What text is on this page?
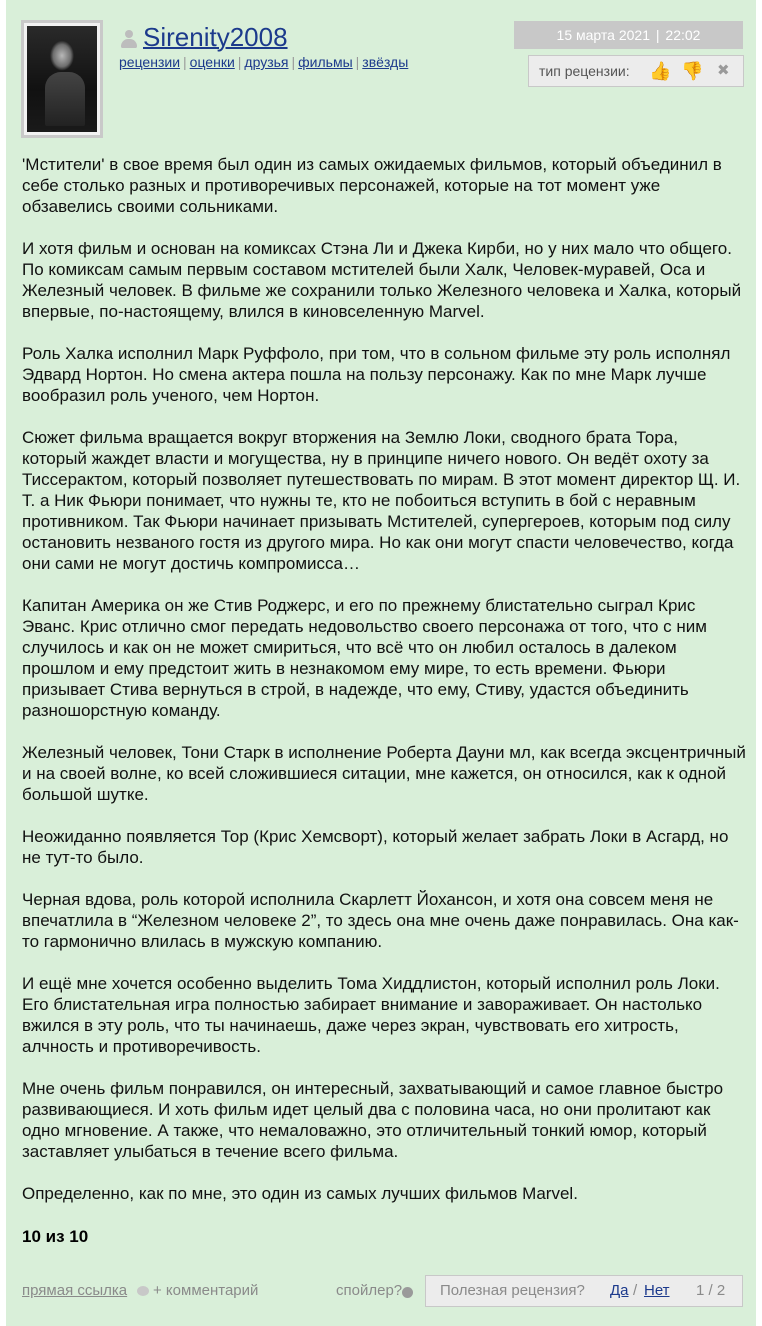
Sirenity2008
рецензии | оценки | друзья | фильмы | звёзды
15 марта 2021 | 22:02
тип рецензии: 👍 👎 ✖

'Мстители' в свое время был один из самых ожидаемых фильмов, который объединил в себе столько разных и противоречивых персонажей, которые на тот момент уже обзавелись своими сольниками.

И хотя фильм и основан на комиксах Стэна Ли и Джека Кирби, но у них мало что общего. По комиксам самым первым составом мстителей были Халк, Человек-муравей, Оса и Железный человек. В фильме же сохранили только Железного человека и Халка, который впервые, по-настоящему, влился в киновселенную Marvel.

Роль Халка исполнил Марк Руффоло, при том, что в сольном фильме эту роль исполнял Эдвард Нортон. Но смена актера пошла на пользу персонажу. Как по мне Марк лучше вообразил роль ученого, чем Нортон.

Сюжет фильма вращается вокруг вторжения на Землю Локи, сводного брата Тора, который жаждет власти и могущества, ну в принципе ничего нового. Он ведёт охоту за Тиссерактом, который позволяет путешествовать по мирам. В этот момент директор Щ. И. Т. а Ник Фьюри понимает, что нужны те, кто не побоиться вступить в бой с неравным противником. Так Фьюри начинает призывать Мстителей, супергероев, которым под силу остановить незваного гостя из другого мира. Но как они могут спасти человечество, когда они сами не могут достичь компромисса…

Капитан Америка он же Стив Роджерс, и его по прежнему блистательно сыграл Крис Эванс. Крис отлично смог передать недовольство своего персонажа от того, что с ним случилось и как он не может смириться, что всё что он любил осталось в далеком прошлом и ему предстоит жить в незнакомом ему мире, то есть времени. Фьюри призывает Стива вернуться в строй, в надежде, что ему, Стиву, удастся объединить разношорстную команду.

Железный человек, Тони Старк в исполнение Роберта Дауни мл, как всегда эксцентричный и на своей волне, ко всей сложившиеся ситации, мне кажется, он относился, как к одной большой шутке.

Неожиданно появляется Тор (Крис Хемсворт), который желает забрать Локи в Асгард, но не тут-то было.

Черная вдова, роль которой исполнила Скарлетт Йохансон, и хотя она совсем меня не впечатлила в “Железном человеке 2”, то здесь она мне очень даже понравилась. Она как-то гармонично влилась в мужскую компанию.

И ещё мне хочется особенно выделить Тома Хиддлистон, который исполнил роль Локи. Его блистательная игра полностью забирает внимание и завораживает. Он настолько вжился в эту роль, что ты начинаешь, даже через экран, чувствовать его хитрость, алчность и противоречивость.

Мне очень фильм понравился, он интересный, захватывающий и самое главное быстро развивающиеся. И хоть фильм идет целый два с половина часа, но они пролитают как одно мгновение. А также, что немаловажно, это отличительный тонкий юмор, который заставляет улыбаться в течение всего фильма.

Определенно, как по мне, это один из самых лучших фильмов Marvel.

10 из 10
прямая ссылка + комментарий	спойлер?	Полезная рецензия? Да / Нет 1 / 2
